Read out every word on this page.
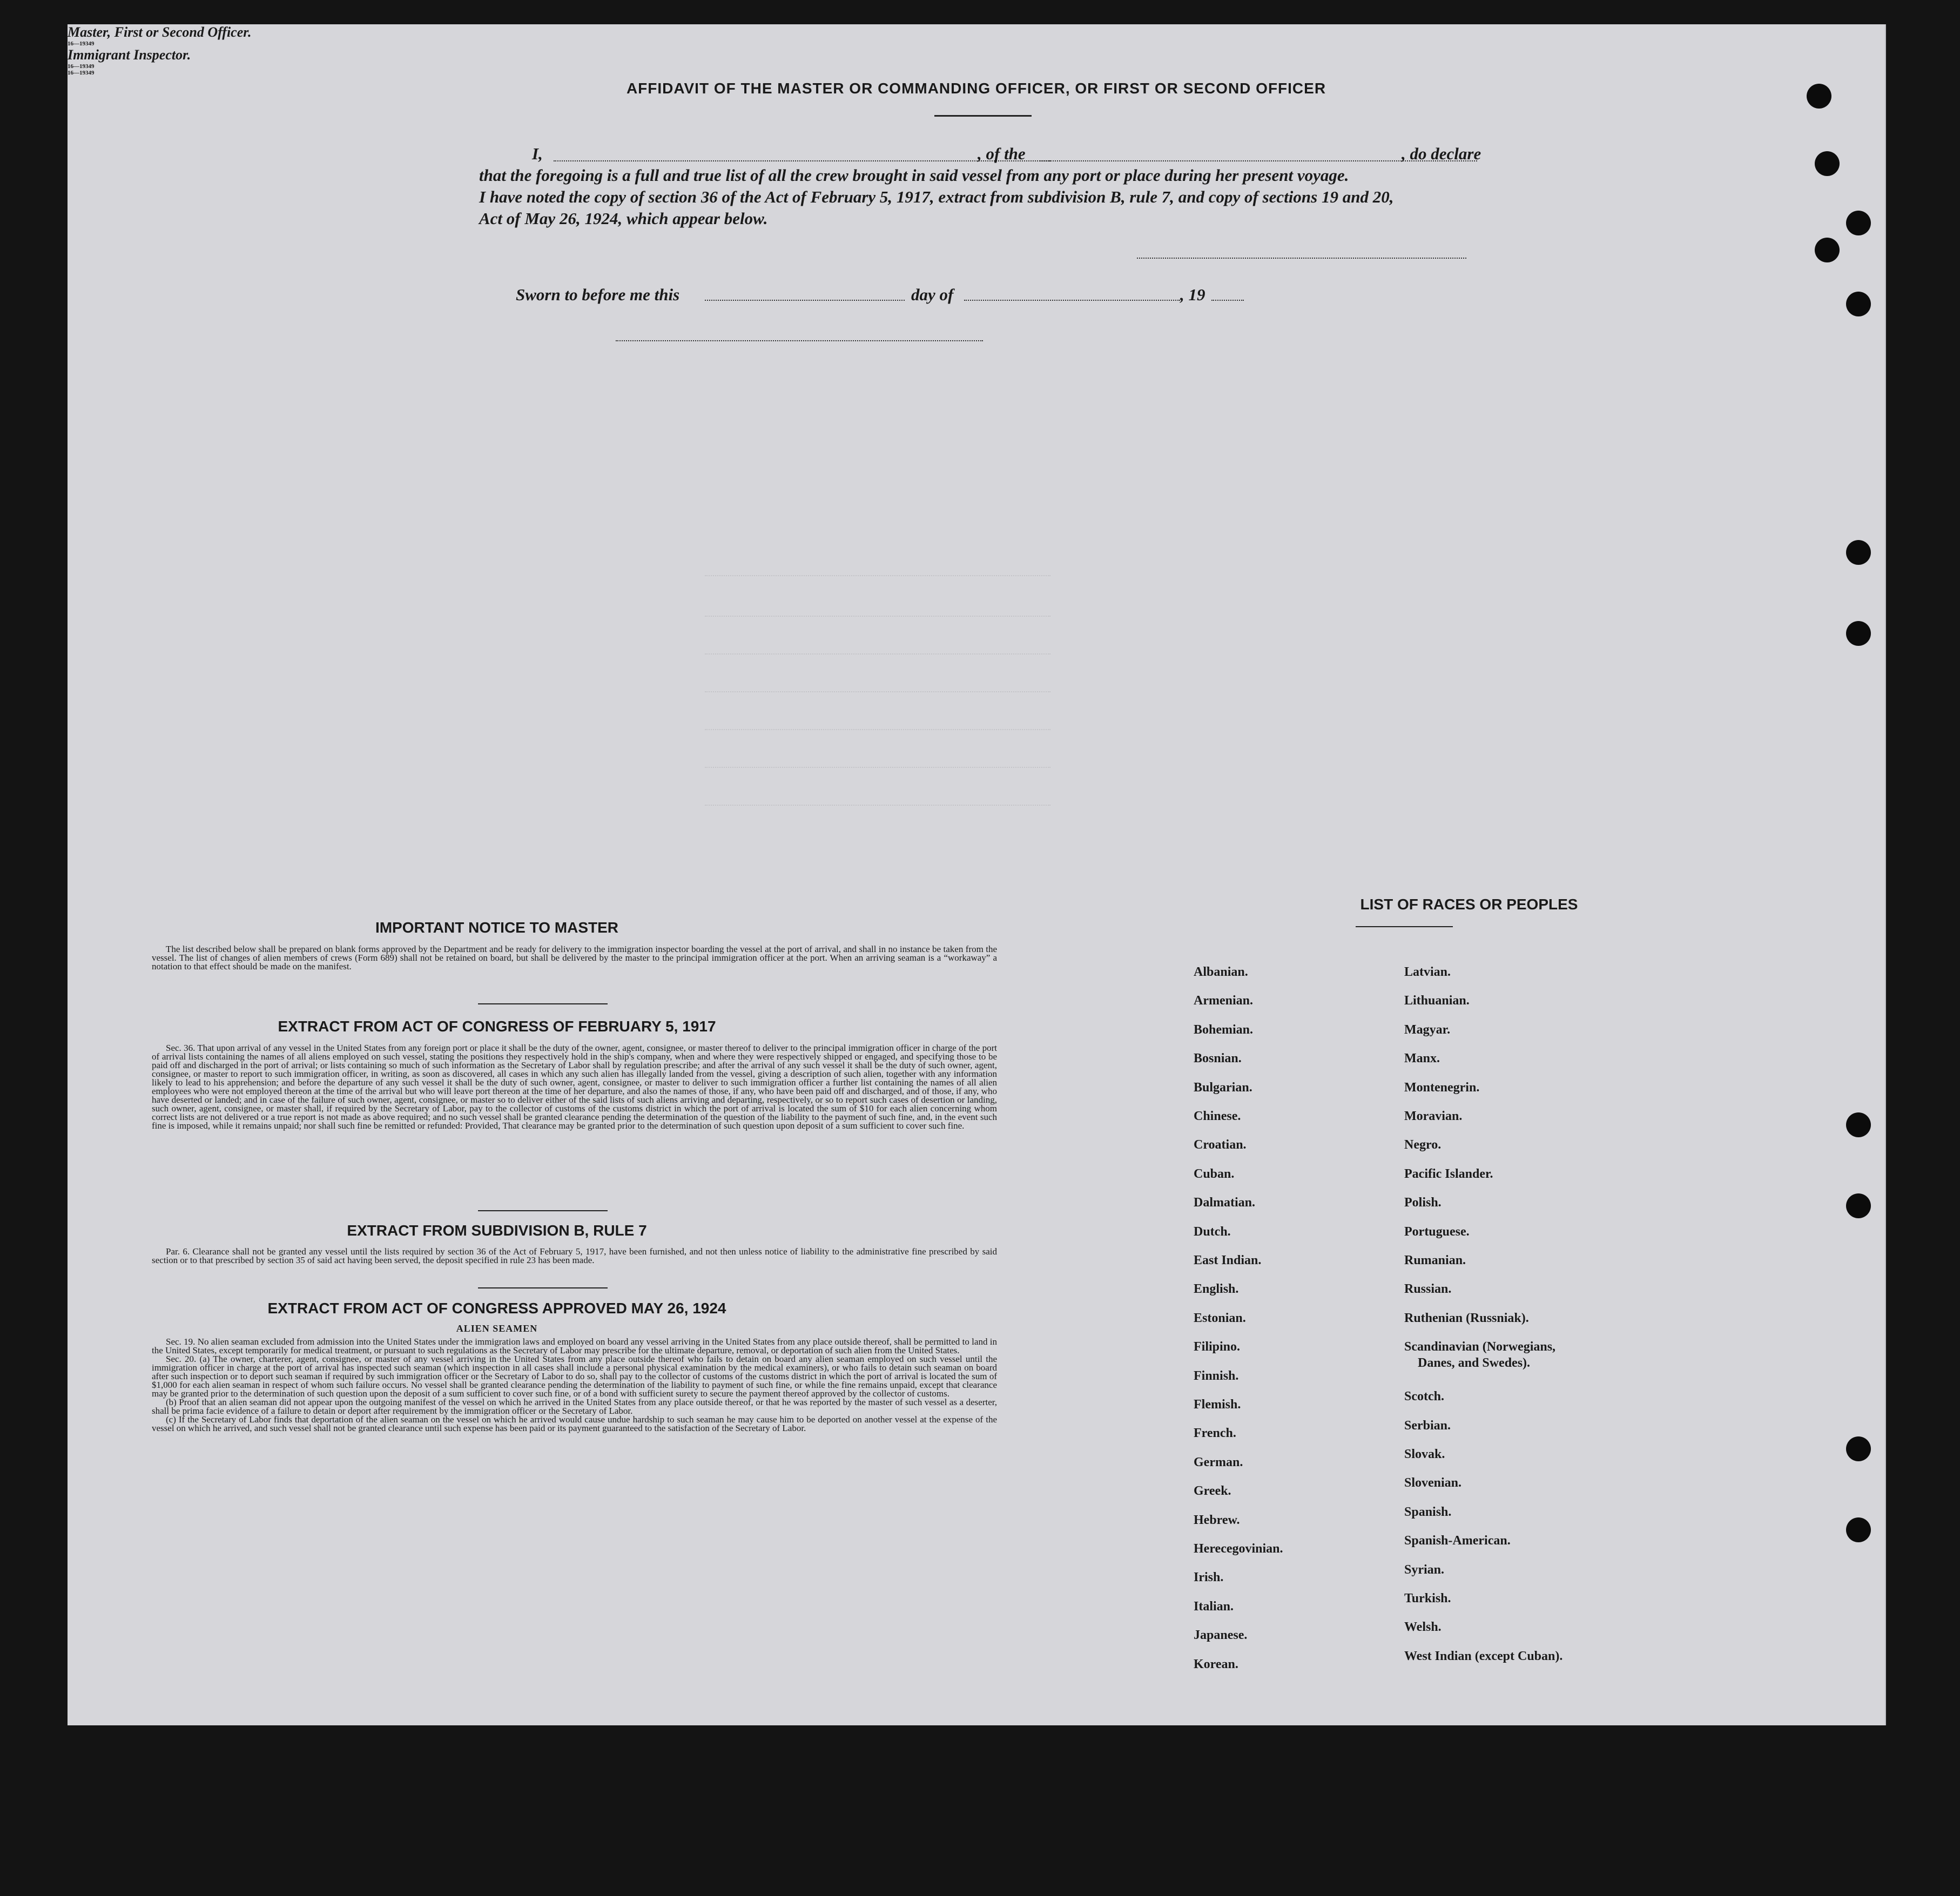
AFFIDAVIT OF THE MASTER OR COMMANDING OFFICER, OR FIRST OR SECOND OFFICER
I,	, of the	, do declare
that the foregoing is a full and true list of all the crew brought in said vessel from any port or place during her present voyage.
I have noted the copy of section 36 of the Act of February 5, 1917, extract from subdivision B, rule 7, and copy of sections 19 and 20,
Act of May 26, 1924, which appear below.
Master, First or Second Officer.
Sworn to before me this	day of	, 19
16—19349
Immigrant Inspector.
IMPORTANT NOTICE TO MASTER

The list described below shall be prepared on blank forms approved by the Department and be ready for delivery to the immigration inspector boarding the vessel at the port of arrival, and shall in no instance be taken from the vessel. The list of changes of alien members of crews (Form 689) shall not be retained on board, but shall be delivered by the master to the principal immigration officer at the port. When an arriving seaman is a “workaway” a notation to that effect should be made on the manifest.

EXTRACT FROM ACT OF CONGRESS OF FEBRUARY 5, 1917

Sec. 36. That upon arrival of any vessel in the United States from any foreign port or place it shall be the duty of the owner, agent, consignee, or master thereof to deliver to the principal immigration officer in charge of the port of arrival lists containing the names of all aliens employed on such vessel, stating the positions they respectively hold in the ship's company, when and where they were respectively shipped or engaged, and specifying those to be paid off and discharged in the port of arrival; or lists containing so much of such information as the Secretary of Labor shall by regulation prescribe; and after the arrival of any such vessel it shall be the duty of such owner, agent, consignee, or master to report to such immigration officer, in writing, as soon as discovered, all cases in which any such alien has illegally landed from the vessel, giving a description of such alien, together with any information likely to lead to his apprehension; and before the departure of any such vessel it shall be the duty of such owner, agent, consignee, or master to deliver to such immigration officer a further list containing the names of all alien employees who were not employed thereon at the time of the arrival but who will leave port thereon at the time of her departure, and also the names of those, if any, who have been paid off and discharged, and of those, if any, who have deserted or landed; and in case of the failure of such owner, agent, consignee, or master so to deliver either of the said lists of such aliens arriving and departing, respectively, or so to report such cases of desertion or landing, such owner, agent, consignee, or master shall, if required by the Secretary of Labor, pay to the collector of customs of the customs district in which the port of arrival is located the sum of $10 for each alien concerning whom correct lists are not delivered or a true report is not made as above required; and no such vessel shall be granted clearance pending the determination of the question of the liability to the payment of such fine, and, in the event such fine is imposed, while it remains unpaid; nor shall such fine be remitted or refunded: Provided, That clearance may be granted prior to the determination of such question upon deposit of a sum sufficient to cover such fine.

EXTRACT FROM SUBDIVISION B, RULE 7

Par. 6. Clearance shall not be granted any vessel until the lists required by section 36 of the Act of February 5, 1917, have been furnished, and not then unless notice of liability to the administrative fine prescribed by said section or to that prescribed by section 35 of said act having been served, the deposit specified in rule 23 has been made.

EXTRACT FROM ACT OF CONGRESS APPROVED MAY 26, 1924
ALIEN SEAMEN

Sec. 19. No alien seaman excluded from admission into the United States under the immigration laws and employed on board any vessel arriving in the United States from any place outside thereof, shall be permitted to land in the United States, except temporarily for medical treatment, or pursuant to such regulations as the Secretary of Labor may prescribe for the ultimate departure, removal, or deportation of such alien from the United States.

Sec. 20. (a) The owner, charterer, agent, consignee, or master of any vessel arriving in the United States from any place outside thereof who fails to detain on board any alien seaman employed on such vessel until the immigration officer in charge at the port of arrival has inspected such seaman (which inspection in all cases shall include a personal physical examination by the medical examiners), or who fails to detain such seaman on board after such inspection or to deport such seaman if required by such immigration officer or the Secretary of Labor to do so, shall pay to the collector of customs of the customs district in which the port of arrival is located the sum of $1,000 for each alien seaman in respect of whom such failure occurs. No vessel shall be granted clearance pending the determination of the liability to payment of such fine, or while the fine remains unpaid, except that clearance may be granted prior to the determination of such question upon the deposit of a sum sufficient to cover such fine, or of a bond with sufficient surety to secure the payment thereof approved by the collector of customs.

(b) Proof that an alien seaman did not appear upon the outgoing manifest of the vessel on which he arrived in the United States from any place outside thereof, or that he was reported by the master of such vessel as a deserter, shall be prima facie evidence of a failure to detain or deport after requirement by the immigration officer or the Secretary of Labor.

(c) If the Secretary of Labor finds that deportation of the alien seaman on the vessel on which he arrived would cause undue hardship to such seaman he may cause him to be deported on another vessel at the expense of the vessel on which he arrived, and such vessel shall not be granted clearance until such expense has been paid or its payment guaranteed to the satisfaction of the Secretary of Labor.

16—19349
LIST OF RACES OR PEOPLES
16—19349
Albanian.
Armenian.
Bohemian.
Bosnian.
Bulgarian.
Chinese.
Croatian.
Cuban.
Dalmatian.
Dutch.
East Indian.
English.
Estonian.
Filipino.
Finnish.
Flemish.
French.
German.
Greek.
Hebrew.
Herecegovinian.
Irish.
Italian.
Japanese.
Korean.
Latvian.
Lithuanian.
Magyar.
Manx.
Montenegrin.
Moravian.
Negro.
Pacific Islander.
Polish.
Portuguese.
Rumanian.
Russian.
Ruthenian (Russniak).
Scandinavian (Norwegians,
Danes, and Swedes).
Scotch.
Serbian.
Slovak.
Slovenian.
Spanish.
Spanish-American.
Syrian.
Turkish.
Welsh.
West Indian (except Cuban).
